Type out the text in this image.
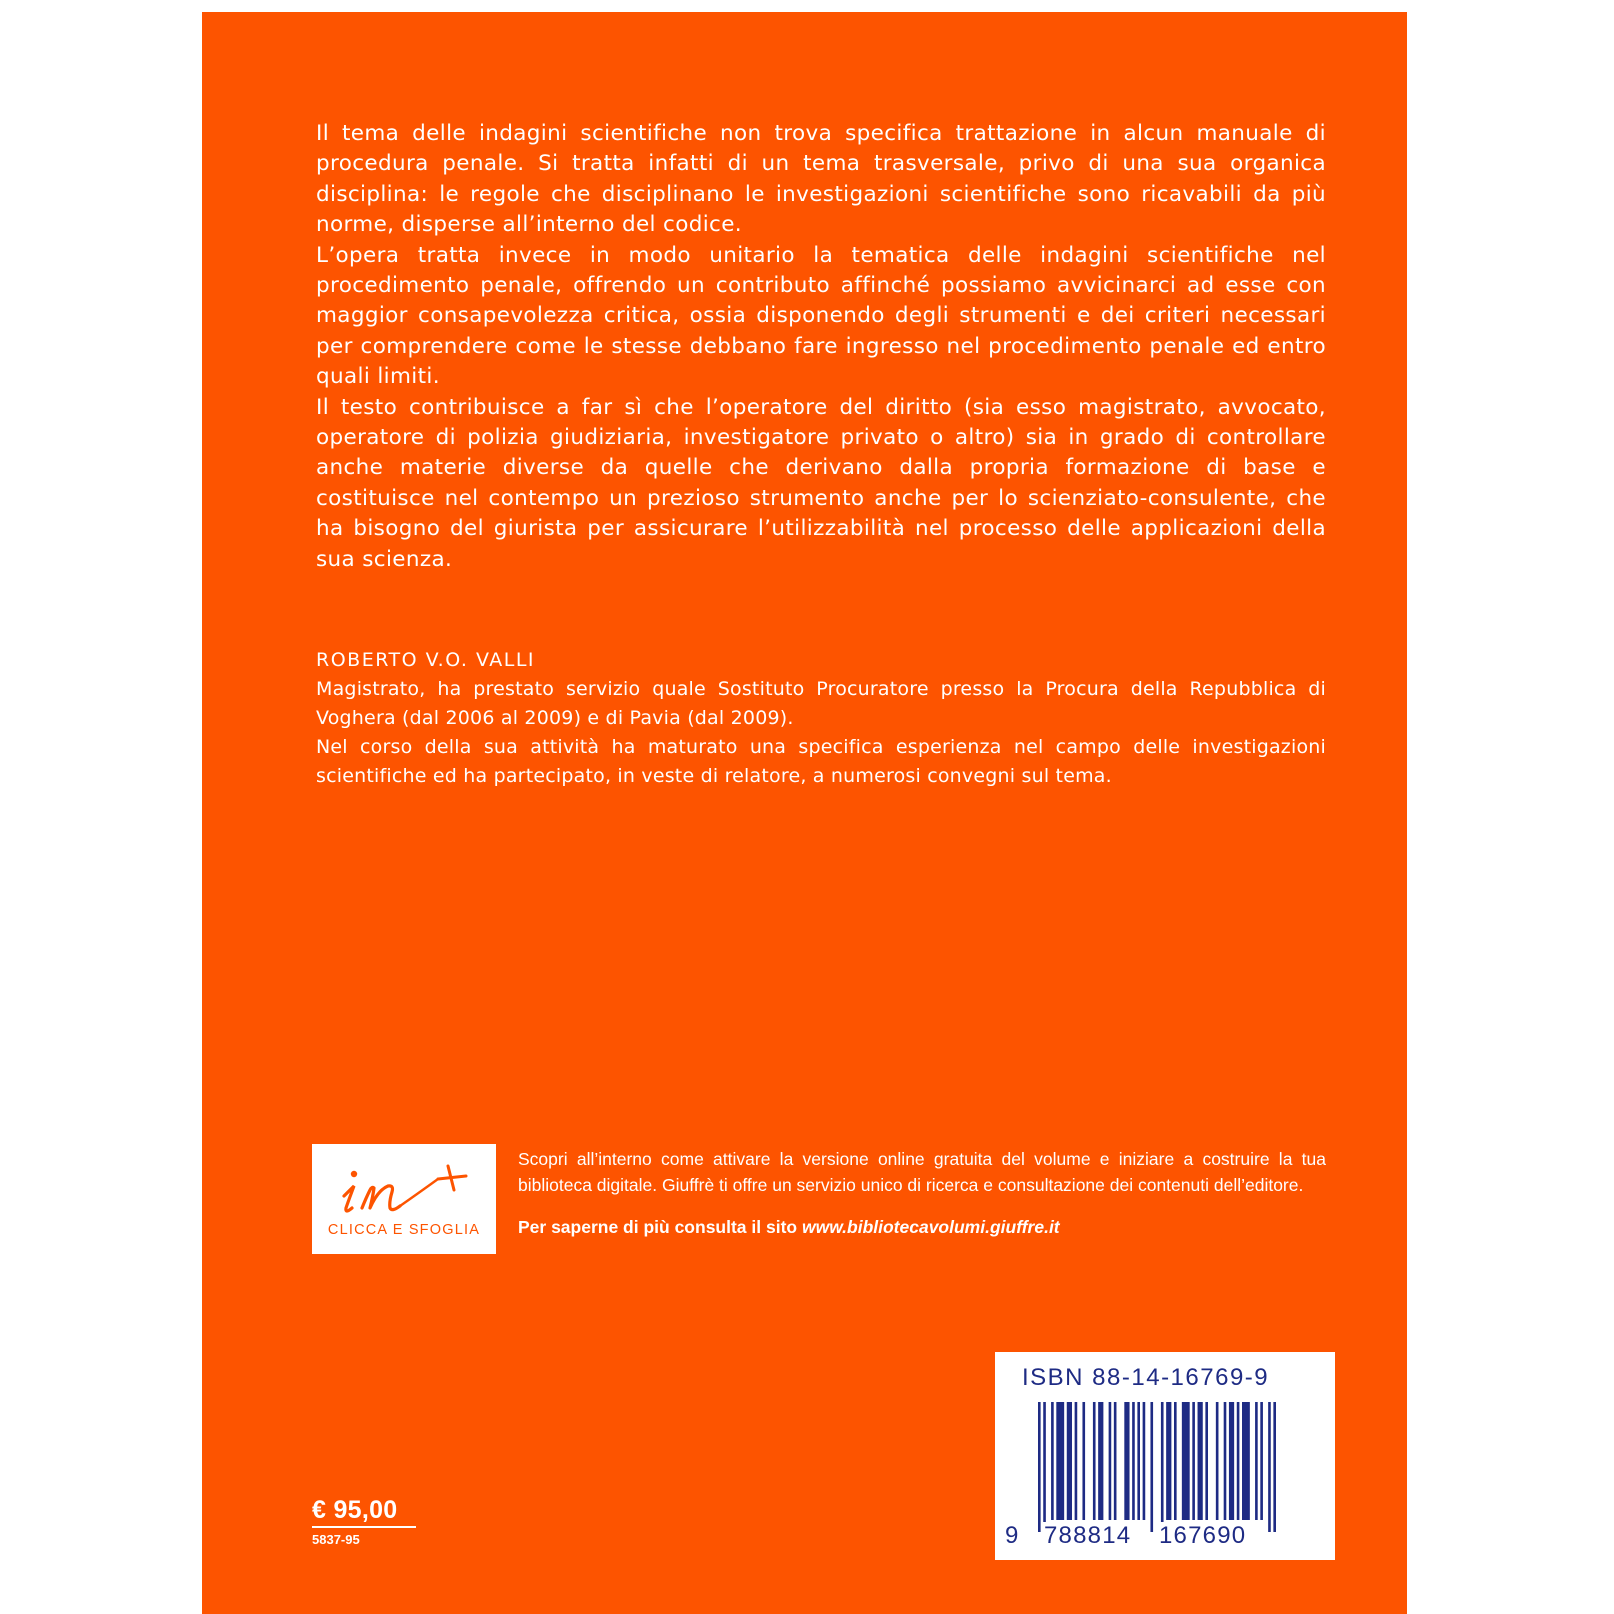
Il tema delle indagini scientifiche non trova specifica trattazione in alcun manuale di procedura penale. Si tratta infatti di un tema trasversale, privo di una sua organica disciplina: le regole che disciplinano le investigazioni scientifiche sono ricavabili da più norme, disperse all’interno del codice.

L’opera tratta invece in modo unitario la tematica delle indagini scientifiche nel procedimento penale, offrendo un contributo affinché possiamo avvicinarci ad esse con maggior consapevolezza critica, ossia disponendo degli strumenti e dei criteri necessari per comprendere come le stesse debbano fare ingresso nel procedimento penale ed entro quali limiti.

Il testo contribuisce a far sì che l’operatore del diritto (sia esso magistrato, avvocato, operatore di polizia giudiziaria, investigatore privato o altro) sia in grado di controllare anche materie diverse da quelle che derivano dalla propria formazione di base e costituisce nel contempo un prezioso strumento anche per lo scienziato-consulente, che ha bisogno del giurista per assicurare l’utilizzabilità nel processo delle applicazioni della sua scienza.

ROBERTO V.O. VALLI

Magistrato, ha prestato servizio quale Sostituto Procuratore presso la Procura della Repubblica di Voghera (dal 2006 al 2009) e di Pavia (dal 2009).

Nel corso della sua attività ha maturato una specifica esperienza nel campo delle investigazioni scientifiche ed ha partecipato, in veste di relatore, a numerosi convegni sul tema.

CLICCA E SFOGLIA

Scopri all’interno come attivare la versione online gratuita del volume e iniziare a costruire la tua biblioteca digitale. Giuffrè ti offre un servizio unico di ricerca e consultazione dei contenuti dell’editore.

Per saperne di più consulta il sito www.bibliotecavolumi.giuffre.it

€ 95,00
5837-95
ISBN 88-14-16769-9
9 788814 167690
